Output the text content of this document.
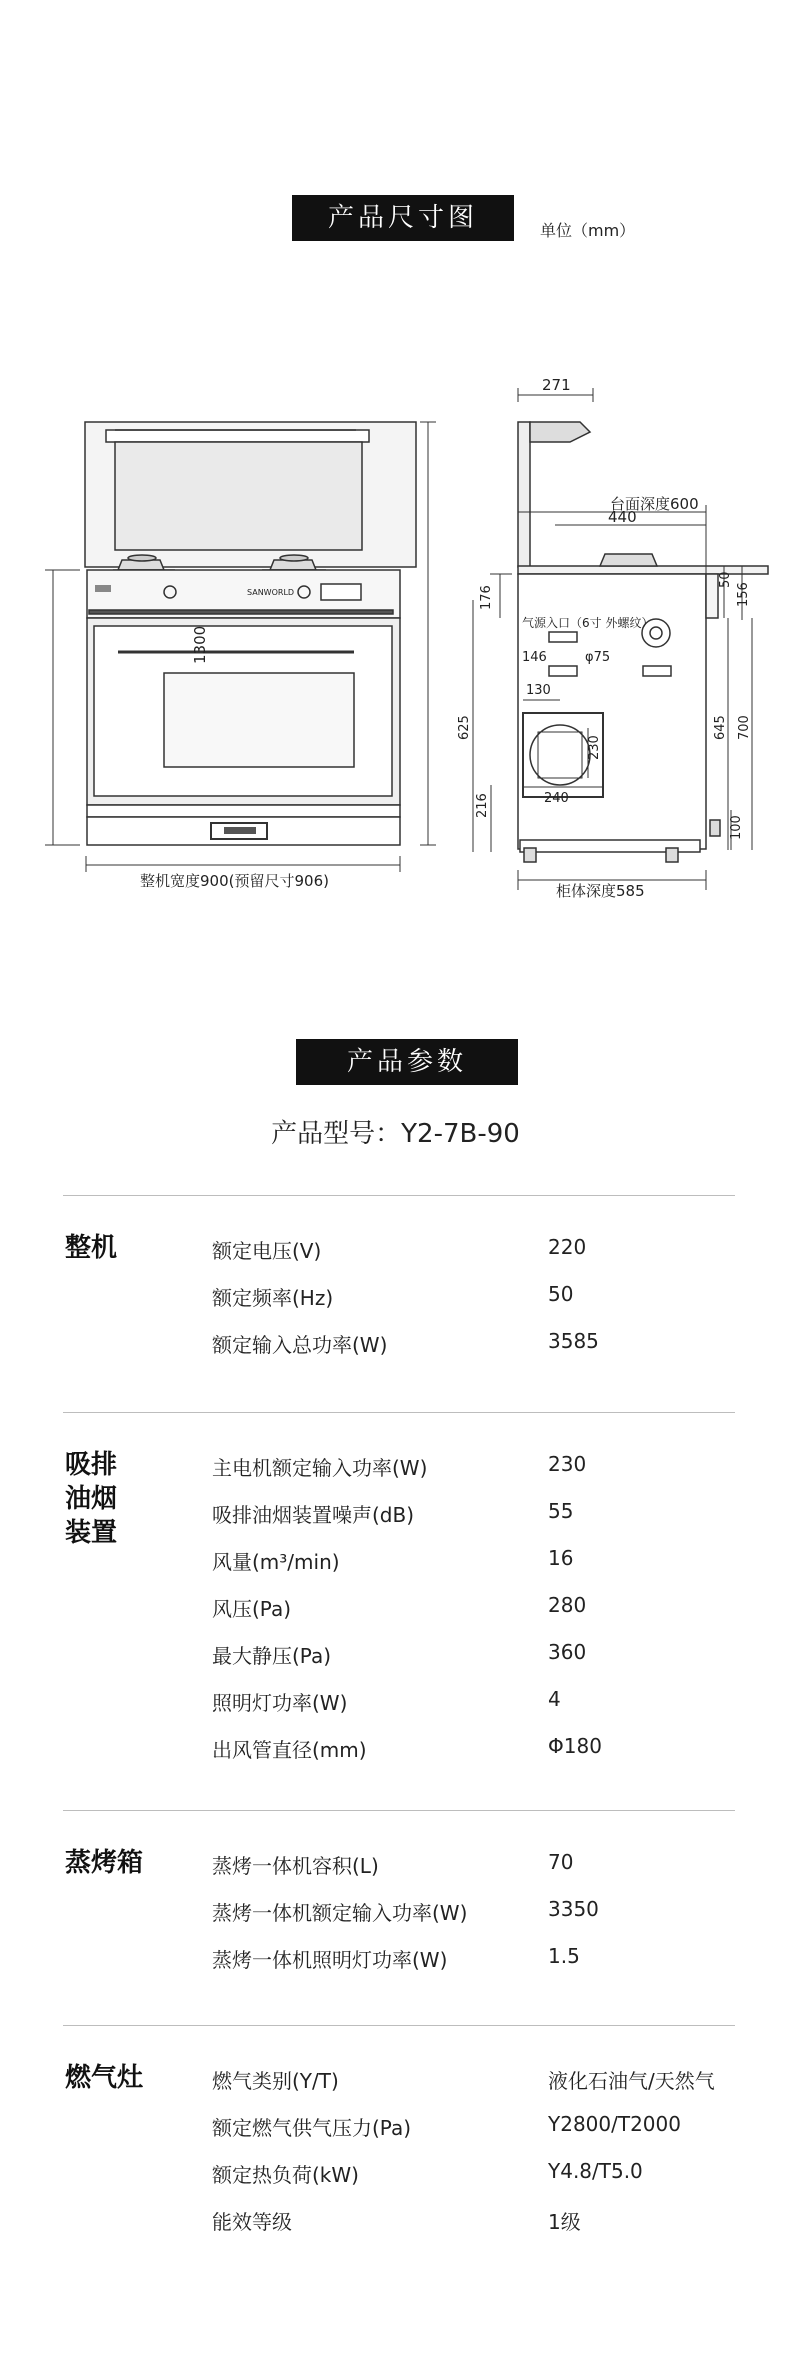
产品尺寸图	单位（mm）
1300
整机宽度900(预留尺寸906)
SANWORLD
271
440
台面深度600
50
156
176
气源入口（6寸 外螺纹）
146	φ75
130
230
240
625
216
645 700
100
柜体深度585
产品参数
产品型号：Y2-7B-90
整机	额定电压(V)	220
额定频率(Hz)	50
额定输入总功率(W)	3585
吸排
油烟
装置
主电机额定输入功率(W)	230
吸排油烟装置噪声(dB)	55
风量(m³/min)	16
风压(Pa)	280
最大静压(Pa)	360
照明灯功率(W)	4
出风管直径(mm)	Φ180
蒸烤箱	蒸烤一体机容积(L)	70
蒸烤一体机额定输入功率(W)	3350
蒸烤一体机照明灯功率(W)	1.5
燃气灶	燃气类别(Y/T)	液化石油气/天然气
额定燃气供气压力(Pa)	Y2800/T2000
额定热负荷(kW)	Y4.8/T5.0
能效等级	1级
